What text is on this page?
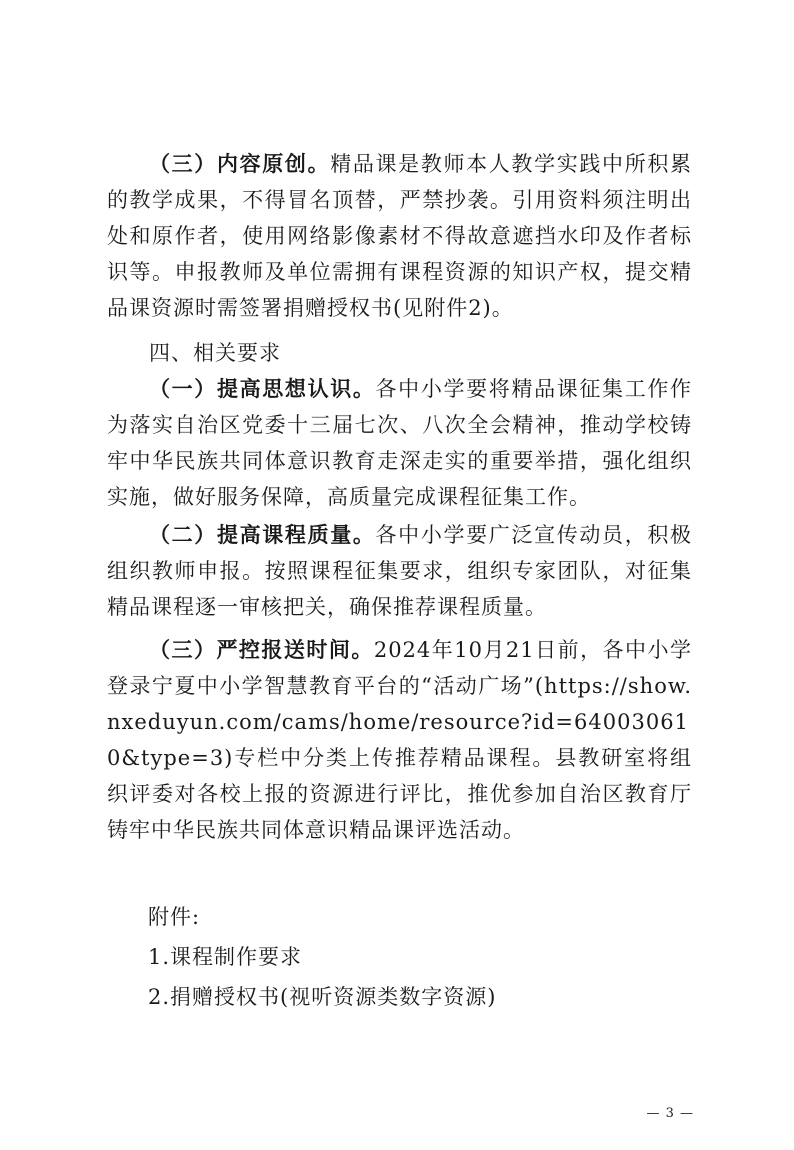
（三）内容原创。精品课是教师本人教学实践中所积累的教学成果，不得冒名顶替，严禁抄袭。引用资料须注明出处和原作者，使用网络影像素材不得故意遮挡水印及作者标识等。申报教师及单位需拥有课程资源的知识产权，提交精品课资源时需签署捐赠授权书(见附件2)。

四、相关要求

（一）提高思想认识。各中小学要将精品课征集工作作为落实自治区党委十三届七次、八次全会精神，推动学校铸牢中华民族共同体意识教育走深走实的重要举措，强化组织实施，做好服务保障，高质量完成课程征集工作。

（二）提高课程质量。各中小学要广泛宣传动员，积极组织教师申报。按照课程征集要求，组织专家团队，对征集精品课程逐一审核把关，确保推荐课程质量。

（三）严控报送时间。2024年10月21日前，各中小学登录宁夏中小学智慧教育平台的“活动广场”(https://show.nxeduyun.com/cams/home/resource?id=640030610&type=3)专栏中分类上传推荐精品课程。县教研室将组织评委对各校上报的资源进行评比，推优参加自治区教育厅铸牢中华民族共同体意识精品课评选活动。

附件:
1.课程制作要求
2.捐赠授权书(视听资源类数字资源)
— 3 —
